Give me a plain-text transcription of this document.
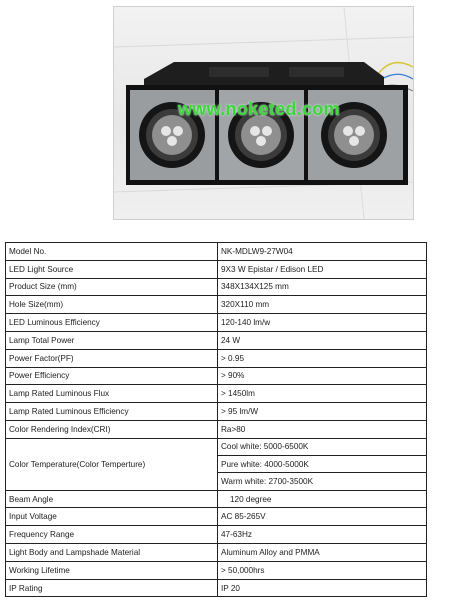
www.noketed.com
Model No.	NK-MDLW9-27W04
LED Light Source	9X3 W Epistar / Edison LED
Product Size (mm)	348X134X125 mm
Hole Size(mm)	320X110 mm
LED Luminous Efficiency	120-140 lm/w
Lamp Total Power	24 W
Power Factor(PF)	> 0.95
Power Efficiency	> 90%
Lamp Rated Luminous Flux	> 1450lm
Lamp Rated Luminous Efficiency	> 95 lm/W
Color Rendering Index(CRI)	Ra>80
Color Temperature(Color Temperture)	Cool white: 5000-6500K
	Pure white: 4000-5000K
	Warm white: 2700-3500K
Beam Angle	120 degree
Input Voltage	AC 85-265V
Frequency Range	47-63Hz
Light Body and Lampshade Material	Aluminum Alloy and PMMA
Working Lifetime	> 50,000hrs
IP Rating	IP 20
